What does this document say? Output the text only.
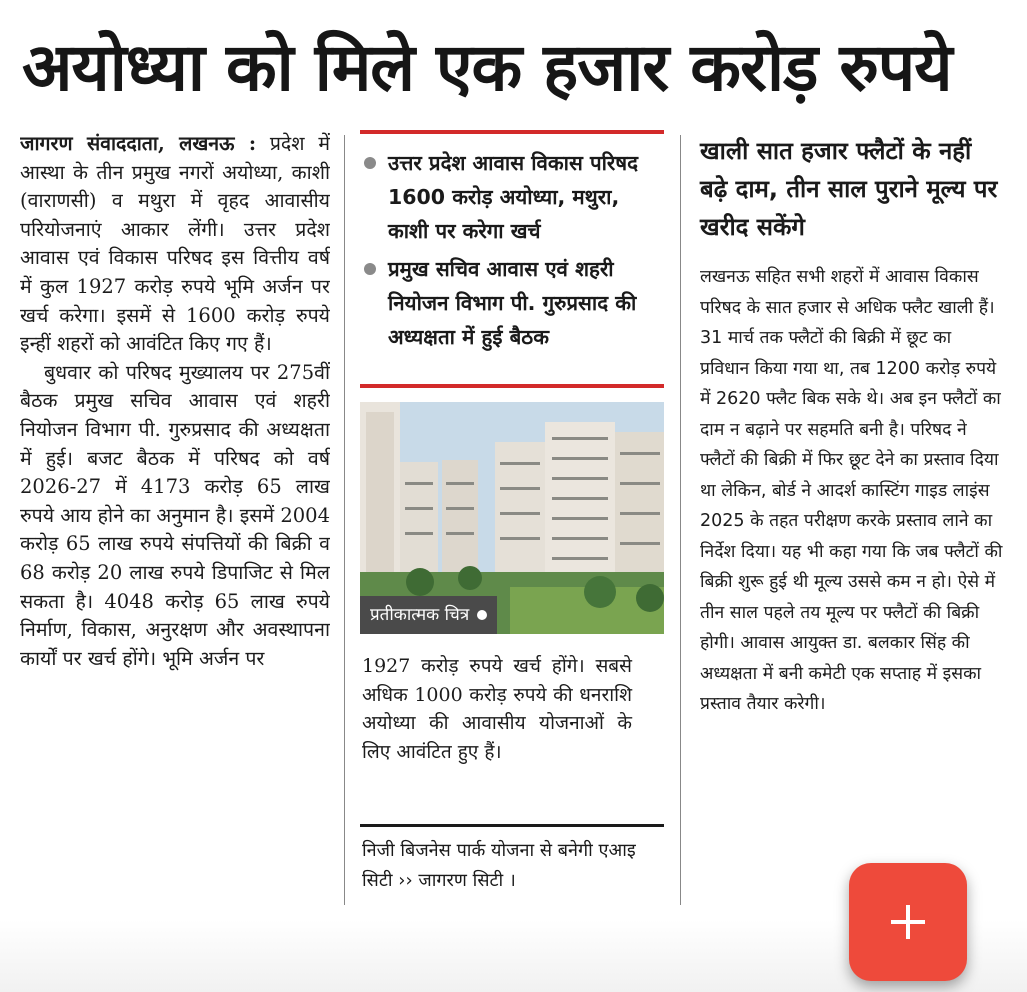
अयोध्या को मिले एक हजार करोड़ रुपये

जागरण संवाददाता, लखनऊ : प्रदेश में आस्था के तीन प्रमुख नगरों अयोध्या, काशी (वाराणसी) व मथुरा में वृहद आवासीय परियोजनाएं आकार लेंगी। उत्तर प्रदेश आवास एवं विकास परिषद इस वित्तीय वर्ष में कुल 1927 करोड़ रुपये भूमि अर्जन पर खर्च करेगा। इसमें से 1600 करोड़ रुपये इन्हीं शहरों को आवंटित किए गए हैं।

बुधवार को परिषद मुख्यालय पर 275वीं बैठक प्रमुख सचिव आवास एवं शहरी नियोजन विभाग पी. गुरुप्रसाद की अध्यक्षता में हुई। बजट बैठक में परिषद को वर्ष 2026-27 में 4173 करोड़ 65 लाख रुपये आय होने का अनुमान है। इसमें 2004 करोड़ 65 लाख रुपये संपत्तियों की बिक्री व 68 करोड़ 20 लाख रुपये डिपाजिट से मिल सकता है। 4048 करोड़ 65 लाख रुपये निर्माण, विकास, अनुरक्षण और अवस्थापना कार्यों पर खर्च होंगे। भूमि अर्जन पर

उत्तर प्रदेश आवास विकास परिषद 1600 करोड़ अयोध्या, मथुरा, काशी पर करेगा खर्च
प्रमुख सचिव आवास एवं शहरी नियोजन विभाग पी. गुरुप्रसाद की अध्यक्षता में हुई बैठक
प्रतीकात्मक चित्र

1927 करोड़ रुपये खर्च होंगे। सबसे अधिक 1000 करोड़ रुपये की धनराशि अयोध्या की आवासीय योजनाओं के लिए आवंटित हुए हैं।

निजी बिजनेस पार्क योजना से बनेगी एआइ सिटी ›› जागरण सिटी ।

खाली सात हजार फ्लैटों के नहीं बढ़े दाम, तीन साल पुराने मूल्य पर खरीद सकेंगे

लखनऊ सहित सभी शहरों में आवास विकास परिषद के सात हजार से अधिक फ्लैट खाली हैं। 31 मार्च तक फ्लैटों की बिक्री में छूट का प्रविधान किया गया था, तब 1200 करोड़ रुपये में 2620 फ्लैट बिक सके थे। अब इन फ्लैटों का दाम न बढ़ाने पर सहमति बनी है। परिषद ने फ्लैटों की बिक्री में फिर छूट देने का प्रस्ताव दिया था लेकिन, बोर्ड ने आदर्श कास्टिंग गाइड लाइंस 2025 के तहत परीक्षण करके प्रस्ताव लाने का निर्देश दिया। यह भी कहा गया कि जब फ्लैटों की बिक्री शुरू हुई थी मूल्य उससे कम न हो। ऐसे में तीन साल पहले तय मूल्य पर फ्लैटों की बिक्री होगी। आवास आयुक्त डा. बलकार सिंह की अध्यक्षता में बनी कमेटी एक सप्ताह में इसका प्रस्ताव तैयार करेगी।
